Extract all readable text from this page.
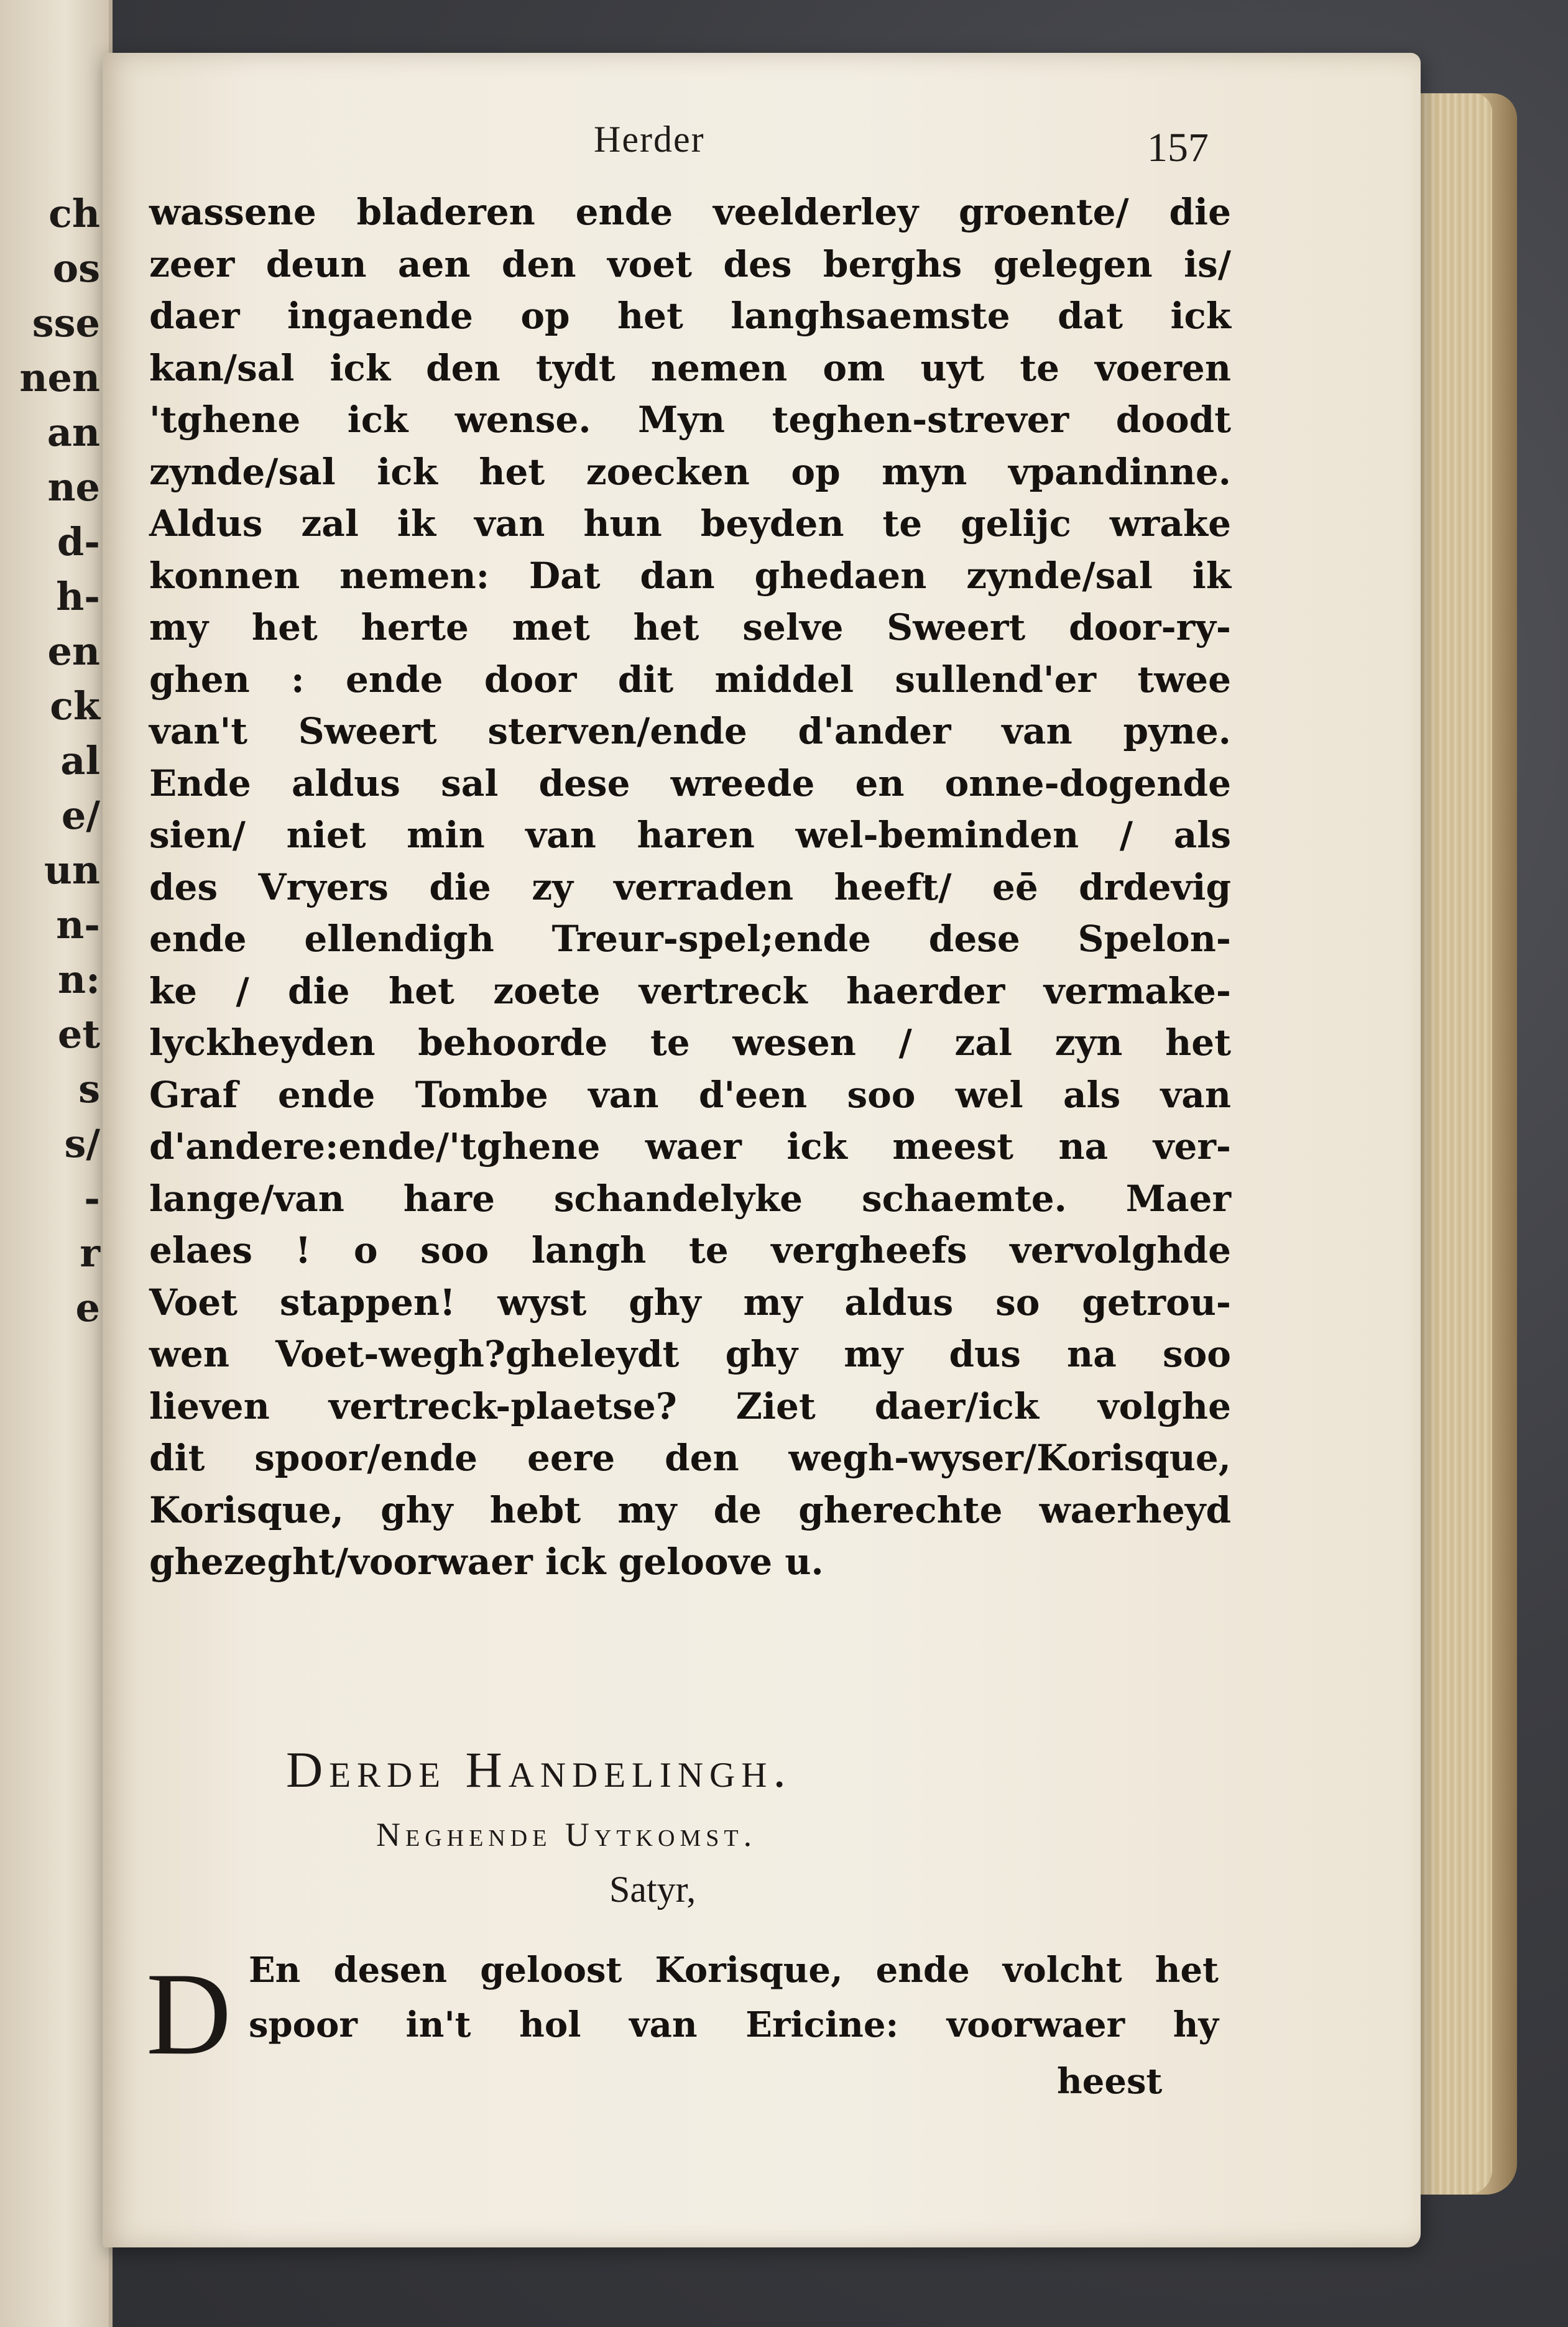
ch
os
sse
nen
an
ne
d-
h-
en
ck
al
e/
un
n-
n:
et
s
s/
-
r
e
Herder	157
wassene bladeren ende veelderley groente/ die
zeer deun aen den voet des berghs gelegen is/
daer ingaende op het langhsaemste dat ick
kan/sal ick den tydt nemen om uyt te voeren
'tghene ick wense. Myn teghen-strever doodt
zynde/sal ick het zoecken op myn vpandinne.
Aldus zal ik van hun beyden te gelijc wrake
konnen nemen: Dat dan ghedaen zynde/sal ik
my het herte met het selve Sweert door-ry-
ghen : ende door dit middel sullend'er twee
van't Sweert sterven/ende d'ander van pyne.
Ende aldus sal dese wreede en onne-dogende
sien/ niet min van haren wel-beminden / als
des Vryers die zy verraden heeft/ eē drdevig
ende ellendigh Treur-spel;ende dese Spelon-
ke / die het zoete vertreck haerder vermake-
lyckheyden behoorde te wesen / zal zyn het
Graf ende Tombe van d'een soo wel als van
d'andere:ende/'tghene waer ick meest na ver-
lange/van hare schandelyke schaemte. Maer
elaes ! o soo langh te vergheefs vervolghde
Voet stappen! wyst ghy my aldus so getrou-
wen Voet-wegh?gheleydt ghy my dus na soo
lieven vertreck-plaetse? Ziet daer/ick volghe
dit spoor/ende eere den wegh-wyser/Korisque,
Korisque, ghy hebt my de gherechte waerheyd
ghezeght/voorwaer ick geloove u.
Derde Handelingh.
Neghende Uytkomst.
Satyr,
D En desen geloost Korisque, ende volcht het
spoor in't hol van Ericine: voorwaer hy
heest
